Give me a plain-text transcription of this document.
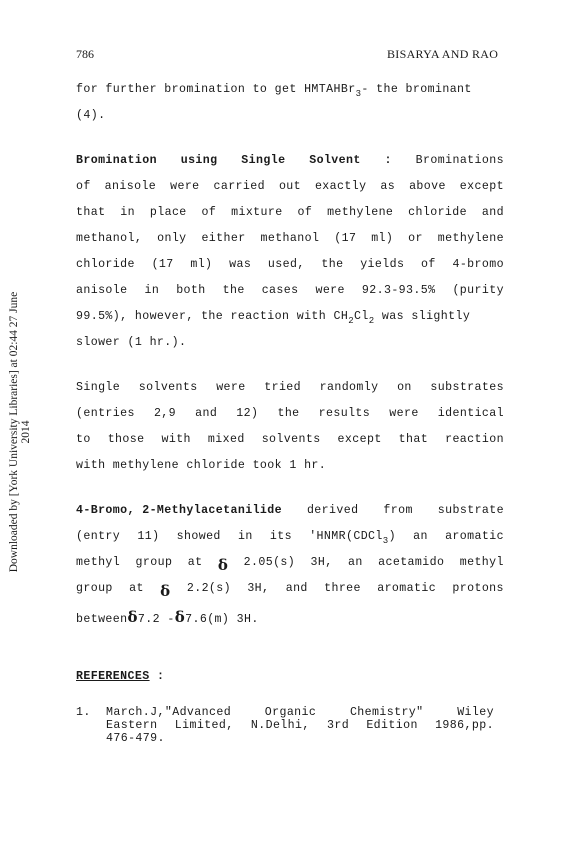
786	BISARYA AND RAO
Downloaded by [York University Libraries] at 02:44 27 June 2014
for further bromination to get HMTAHBr$_3$- the brominant
(4).
Bromination using Single Solvent : Brominations
of anisole were carried out exactly as above except
that in place of mixture of methylene chloride and
methanol, only either methanol (17 ml) or methylene
chloride (17 ml) was used, the yields of 4-bromo
anisole in both the cases were 92.3-93.5% (purity
99.5%), however, the reaction with $CH_2Cl_2$ was slightly
slower (1 hr.).
Single solvents were tried randomly on substrates
(entries 2,9 and 12) the results were identical
to those with mixed solvents except that reaction
with methylene chloride took 1 hr.
4-Bromo, 2-Methylacetanilide derived from substrate
(entry 11) showed in its 'HNMR(CDCl$_3$) an aromatic
methyl group at δ 2.05(s) 3H, an acetamido methyl
group at δ 2.2(s) 3H, and three aromatic protons
betweenδ7.2 -δ7.6(m) 3H.
REFERENCES :
1. March.J,"Advanced	Organic	Chemistry"	Wiley
Eastern Limited, N.Delhi, 3rd Edition 1986,pp.
476-479.
